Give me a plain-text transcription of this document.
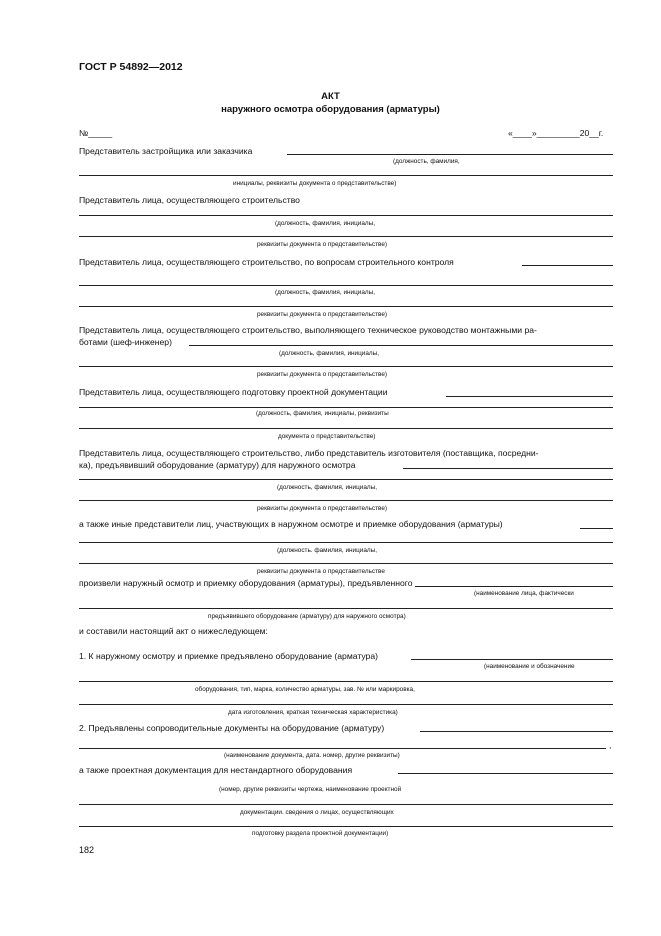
ГОСТ Р 54892—2012
АКТ
наружного осмотра оборудования (арматуры)
№_____	«____»_________20__г.
Представитель застройщика или заказчика
(должность, фамилия,
инициалы, реквизиты документа о представительстве)
Представитель лица, осуществляющего строительство
(должность, фамилия, инициалы,
реквизиты документа о представительстве)
Представитель лица, осуществляющего строительство, по вопросам строительного контроля
(должность, фамилия, инициалы,
реквизиты документа о представительстве)
Представитель лица, осуществляющего строительство, выполняющего техническое руководство монтажными ра-
ботами (шеф-инженер)
(должность, фамилия, инициалы,
реквизиты документа о представительстве)
Представитель лица, осуществляющего подготовку проектной документации
(должность, фамилия, инициалы, реквизиты
документа о представительстве)
Представитель лица, осуществляющего строительство, либо представитель изготовителя (поставщика, посредни-
ка), предъявивший оборудование (арматуру) для наружного осмотра
(должность, фамилия, инициалы,
реквизиты документа о представительстве)
а также иные представители лиц, участвующих в наружном осмотре и приемке оборудования (арматуры)
(должность. фамилия, инициалы,
реквизиты документа о представительстве
произвели наружный осмотр и приемку оборудования (арматуры), предъявленного
(наименование лица, фактически
предъявившего оборудование (арматуру) для наружного осмотра)
и составили настоящий акт о нижеследующем:
1. К наружному осмотру и приемке предъявлено оборудование (арматура)
(наименование и обозначение
оборудования, тип, марка, количество арматуры, зав. № или маркировка,
дата изготовления, краткая техническая характеристика)
2. Предъявлены сопроводительные документы на оборудование (арматуру)
,
(наименование документа, дата. номер, другие реквизиты)
а также проектная документация для нестандартного оборудования
(номер, другие реквизиты чертежа, наименование проектной
документации. сведения о лицах, осуществляющих
подготовку раздела проектной документации)
182
